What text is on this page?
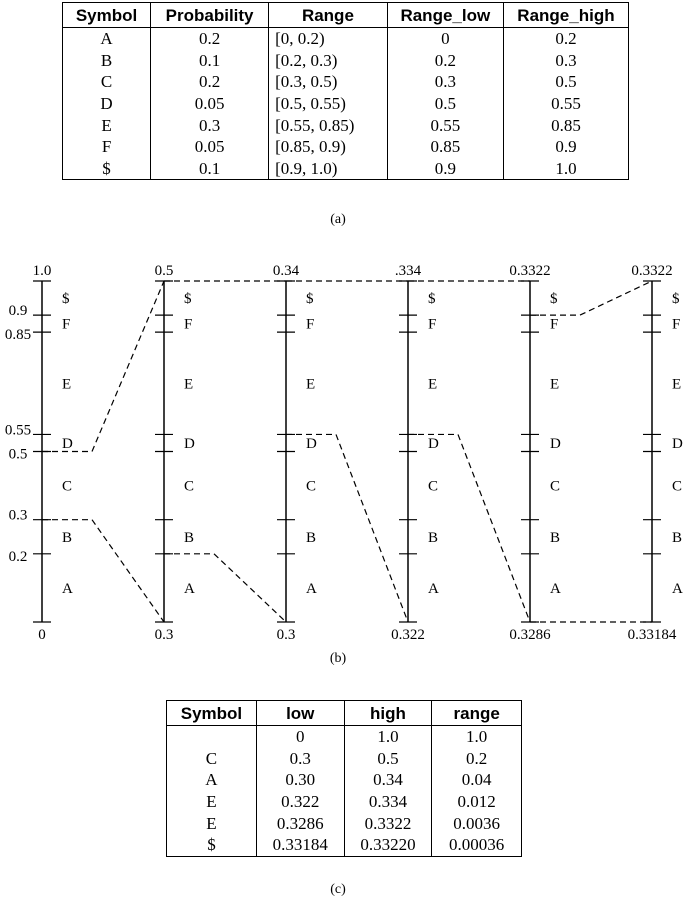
Symbol	Probability	Range	Range_low	Range_high
A	0.2	[0, 0.2)	0	0.2
B	0.1	[0.2, 0.3)	0.2	0.3
C	0.2	[0.3, 0.5)	0.3	0.5
D	0.05	[0.5, 0.55)	0.5	0.55
E	0.3	[0.55, 0.85)	0.55	0.85
F	0.05	[0.85, 0.9)	0.85	0.9
$	0.1	[0.9, 1.0)	0.9	1.0
(a)
A
B
C
D
E
F
$
1.0
0
A
B
C
D
E
F
$
0.5
0.3
A
B
C
D
E
F
$
0.34
0.3
A
B
C
D
E
F
$
.334
0.322
A
B
C
D
E
F
$
0.3322
0.3286
A
B
C
D
E
F
$
0.3322
0.33184
0.9
0.85
0.55
0.5
0.3
0.2
(b)
Symbol	low	high	range
	0	1.0	1.0
C	0.3	0.5	0.2
A	0.30	0.34	0.04
E	0.322	0.334	0.012
E	0.3286	0.3322	0.0036
$	0.33184	0.33220	0.00036
(c)
